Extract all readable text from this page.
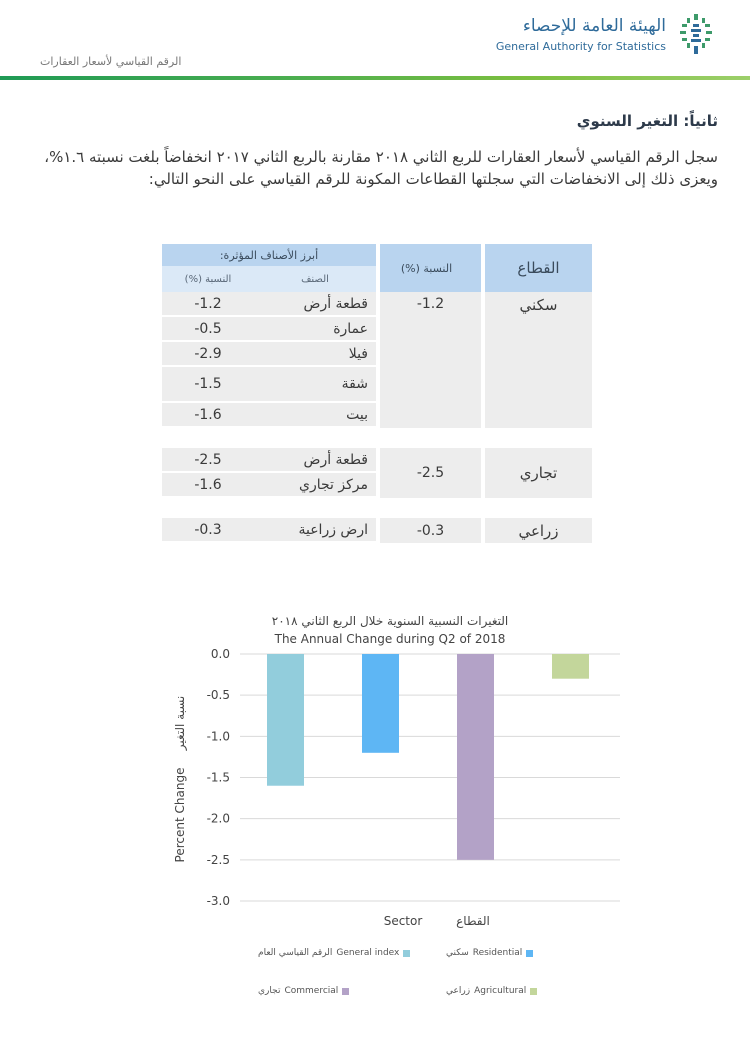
الهيئة العامة للإحصاء
General Authority for Statistics
الرقم القياسي لأسعار العقارات
ثانياً: التغير السنوي
سجل الرقم القياسي لأسعار العقارات للربع الثاني ٢٠١٨ مقارنة بالربع الثاني ٢٠١٧ انخفاضاً بلغت نسبته ١.٦%، ويعزى ذلك إلى الانخفاضات التي سجلتها القطاعات المكونة للرقم القياسي على النحو التالي:
أبرز الأصناف المؤثرة:		النسبة (%)	القطاع
النسبة (%)	الصنف		
-1.2	قطعة أرض	-1.2	سكني
-0.5	عمارة		
-2.9	فيلا		
-1.5	شقة		
-1.6	بيت		

-2.5	قطعة أرض	-2.5	تجاري
-1.6	مركز تجاري		

-0.3	ارض زراعية	-0.3	زراعي
التغيرات النسبية السنوية خلال الربع الثاني ٢٠١٨
The Annual Change during Q2 of 2018
0.0
-0.5
-1.0
-1.5
-2.0
-2.5
-3.0
Sector	القطاع
Percent Change
نسبة التغير
General index
الرقم القياسي العام	Residential
سكني
Commercial
تجاري	Agricultural
زراعي
